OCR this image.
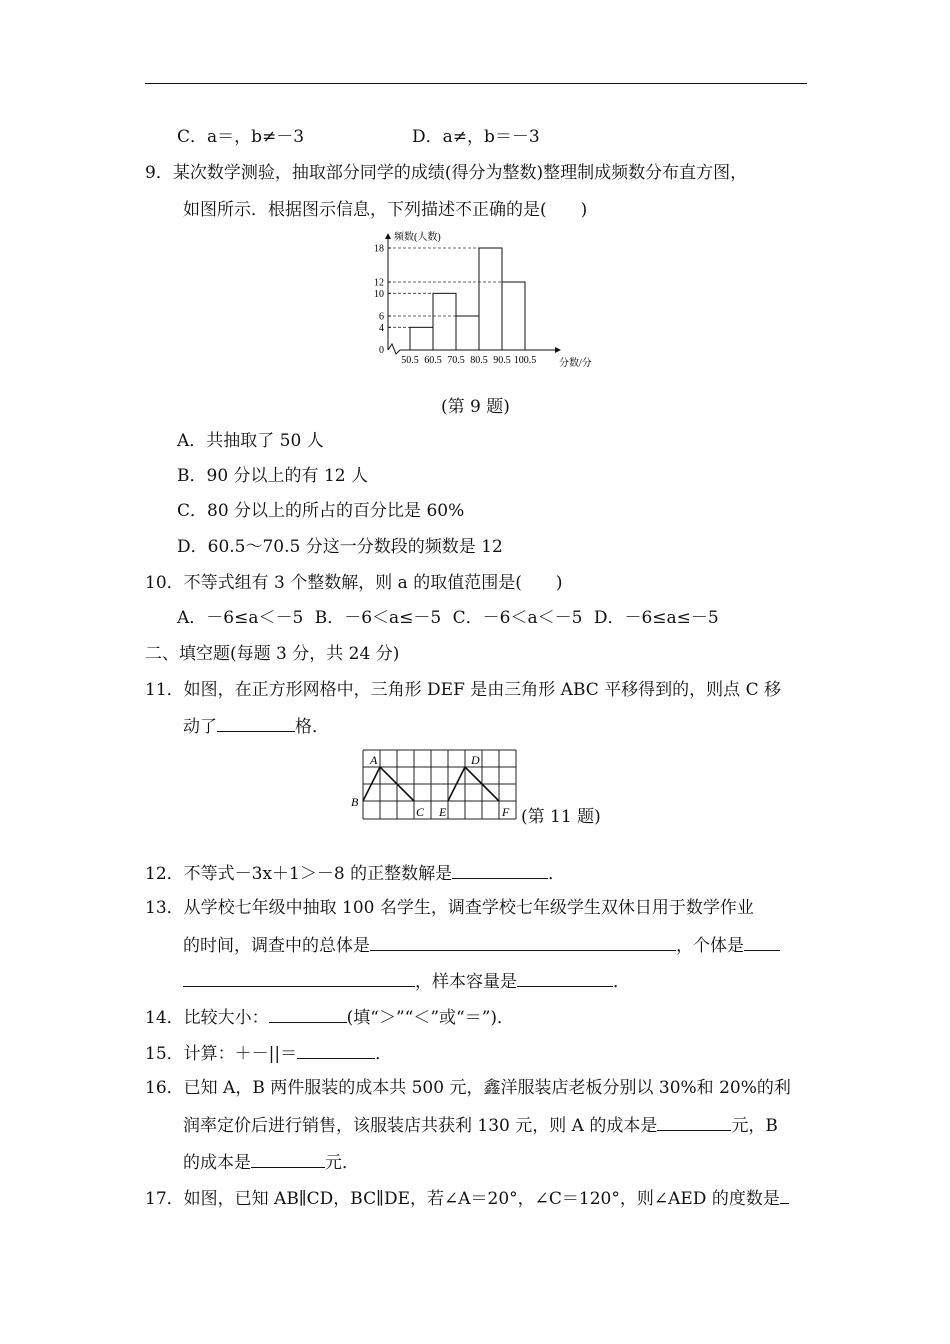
C．a＝，b≠－3	D．a≠，b＝－3
9．某次数学测验，抽取部分同学的成绩(得分为整数)整理制成频数分布直方图，
如图所示．根据图示信息，下列描述不正确的是(　　)
4
6
10
12
18
0
50.5 60.5 70.5 80.5 90.5 100.5
频数(人数)
分数/分
(第 9 题)
A．共抽取了 50 人
B．90 分以上的有 12 人
C．80 分以上的所占的百分比是 60%
D．60.5～70.5 分这一分数段的频数是 12
10．不等式组有 3 个整数解，则 a 的取值范围是(　　)
A．－6≤a＜－5 B．－6＜a≤－5 C．－6＜a＜－5 D．－6≤a≤－5
二、填空题(每题 3 分，共 24 分)
11．如图，在正方形网格中，三角形 DEF 是由三角形 ABC 平移得到的，则点 C 移
动了	格．
A
B
C
D
E	F (第 11 题)
12．不等式－3x＋1＞－8 的正整数解是	．
13．从学校七年级中抽取 100 名学生，调查学校七年级学生双休日用于数学作业
的时间，调查中的总体是	，个体是
，样本容量是	．
14．比较大小：	(填“＞”“＜”或“＝”)．
15．计算：＋－||＝	．
16．已知 A，B 两件服装的成本共 500 元，鑫洋服装店老板分别以 30%和 20%的利
润率定价后进行销售，该服装店共获利 130 元，则 A 的成本是	元，B
的成本是	元．
17．如图，已知 AB∥CD，BC∥DE，若∠A＝20°，∠C＝120°，则∠AED 的度数是
